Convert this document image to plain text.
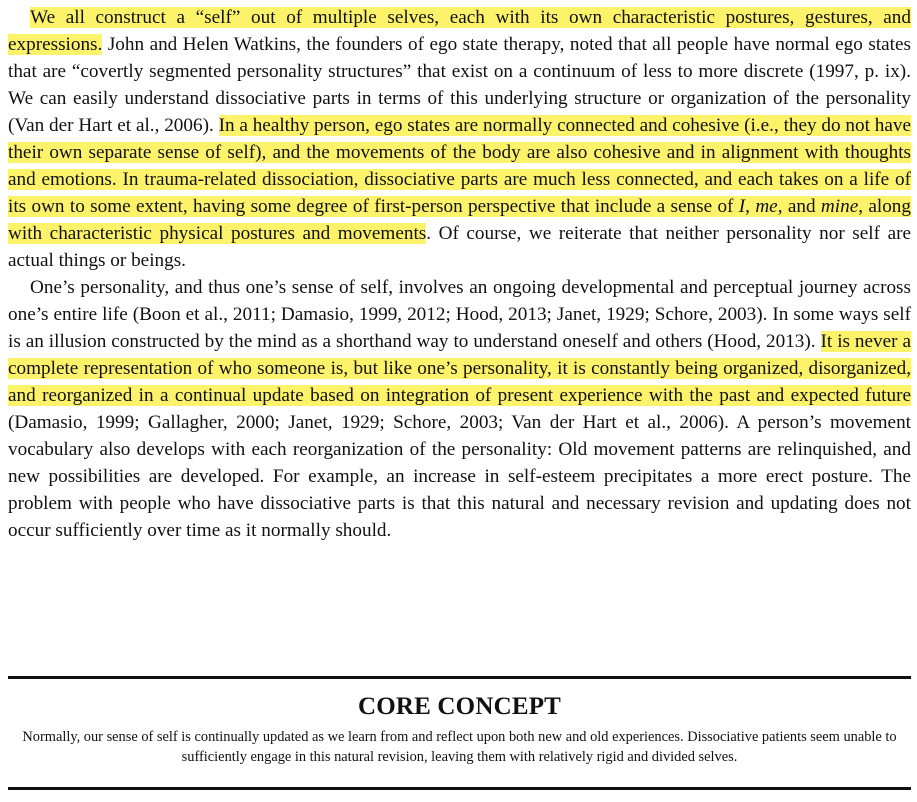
We all construct a “self” out of multiple selves, each with its own characteristic postures, gestures, and expressions. John and Helen Watkins, the founders of ego state therapy, noted that all people have normal ego states that are “covertly segmented personality structures” that exist on a continuum of less to more discrete (1997, p. ix). We can easily understand dissociative parts in terms of this underlying structure or organization of the personality (Van der Hart et al., 2006). In a healthy person, ego states are normally connected and cohesive (i.e., they do not have their own separate sense of self), and the movements of the body are also cohesive and in alignment with thoughts and emotions. In trauma-related dissociation, dissociative parts are much less connected, and each takes on a life of its own to some extent, having some degree of first-person perspective that include a sense of I, me, and mine, along with characteristic physical postures and movements. Of course, we reiterate that neither personality nor self are actual things or beings.

One’s personality, and thus one’s sense of self, involves an ongoing developmental and perceptual journey across one’s entire life (Boon et al., 2011; Damasio, 1999, 2012; Hood, 2013; Janet, 1929; Schore, 2003). In some ways self is an illusion constructed by the mind as a shorthand way to understand oneself and others (Hood, 2013). It is never a complete representation of who someone is, but like one’s personality, it is constantly being organized, disorganized, and reorganized in a continual update based on integration of present experience with the past and expected future (Damasio, 1999; Gallagher, 2000; Janet, 1929; Schore, 2003; Van der Hart et al., 2006). A person’s movement vocabulary also develops with each reorganization of the personality: Old movement patterns are relinquished, and new possibilities are developed. For example, an increase in self-esteem precipitates a more erect posture. The problem with people who have dissociative parts is that this natural and necessary revision and updating does not occur sufficiently over time as it normally should.

CORE CONCEPT
Normally, our sense of self is continually updated as we learn from and reflect upon both new and old experiences. Dissociative patients seem unable to sufficiently engage in this natural revision, leaving them with relatively rigid and divided selves.
